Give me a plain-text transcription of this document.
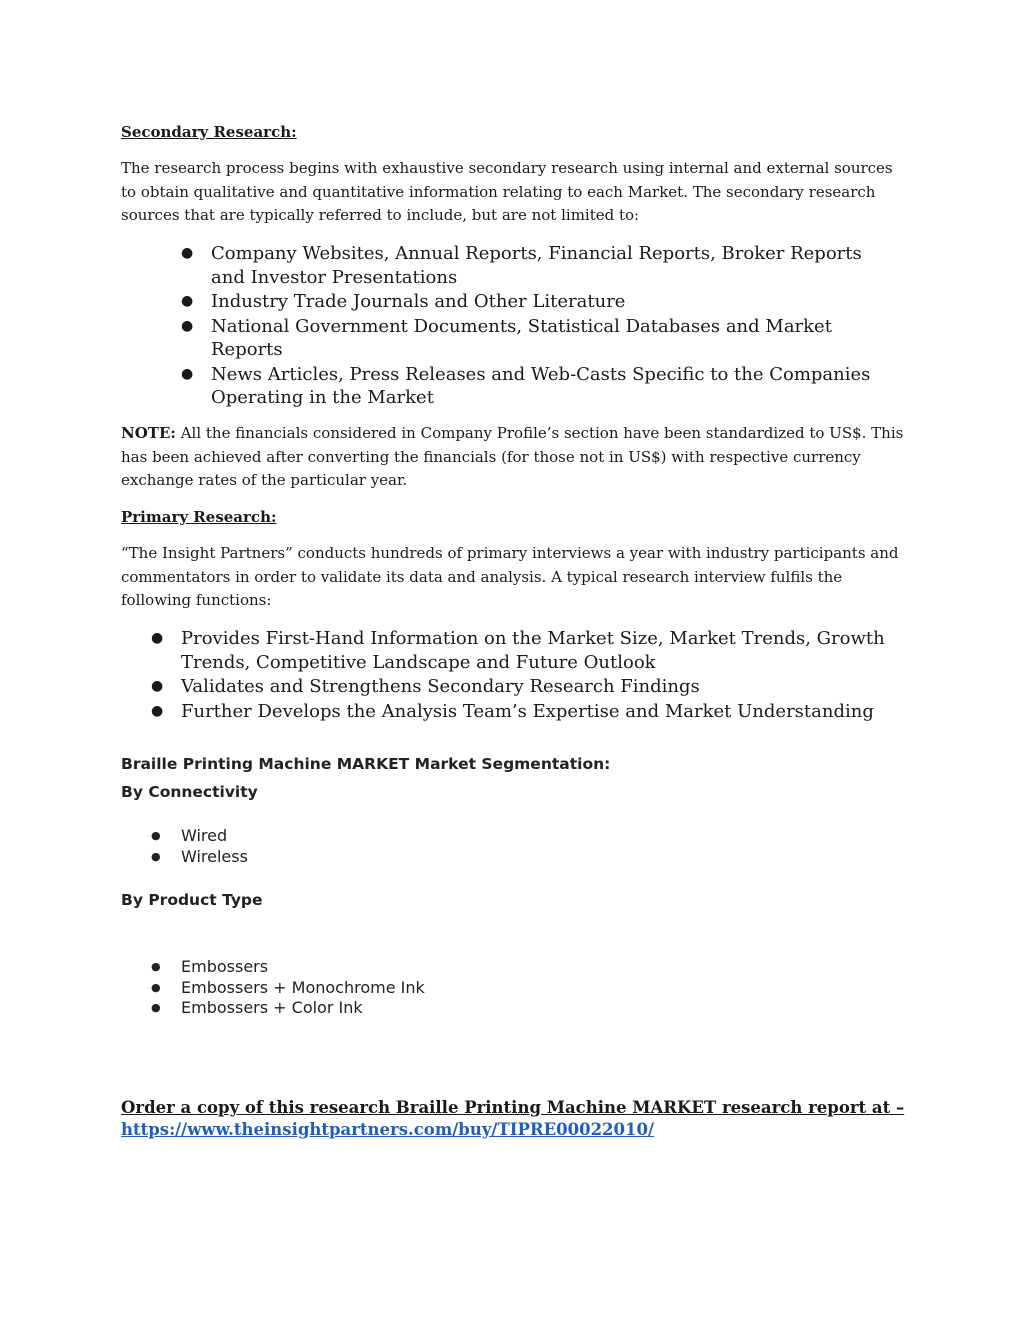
Secondary Research:
The research process begins with exhaustive secondary research using internal and external sources to obtain qualitative and quantitative information relating to each Market. The secondary research sources that are typically referred to include, but are not limited to:
● Company Websites, Annual Reports, Financial Reports, Broker Reports and Investor Presentations
● Industry Trade Journals and Other Literature
● National Government Documents, Statistical Databases and Market Reports
● News Articles, Press Releases and Web-Casts Specific to the Companies Operating in the Market
NOTE: All the financials considered in Company Profile’s section have been standardized to US$. This has been achieved after converting the financials (for those not in US$) with respective currency exchange rates of the particular year.
Primary Research:
“The Insight Partners” conducts hundreds of primary interviews a year with industry participants and commentators in order to validate its data and analysis. A typical research interview fulfils the following functions:
● Provides First-Hand Information on the Market Size, Market Trends, Growth Trends, Competitive Landscape and Future Outlook
● Validates and Strengthens Secondary Research Findings
● Further Develops the Analysis Team’s Expertise and Market Understanding
Braille Printing Machine MARKET Market Segmentation:
By Connectivity
● Wired
● Wireless
By Product Type
● Embossers
● Embossers + Monochrome Ink
● Embossers + Color Ink
Order a copy of this research Braille Printing Machine MARKET research report at –
https://www.theinsightpartners.com/buy/TIPRE00022010/
